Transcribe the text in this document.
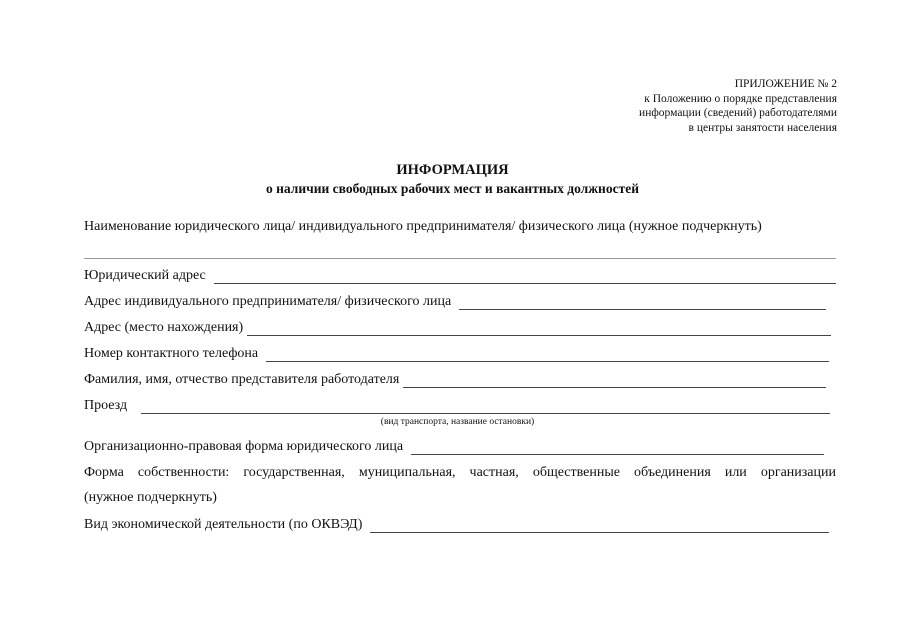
ПРИЛОЖЕНИЕ № 2
к Положению о порядке представления
информации (сведений) работодателями
в центры занятости населения
ИНФОРМАЦИЯ
о наличии свободных рабочих мест и вакантных должностей
Наименование юридического лица/ индивидуального предпринимателя/ физического лица (нужное подчеркнуть)
Юридический адрес
Адрес индивидуального предпринимателя/ физического лица
Адрес (место нахождения)
Номер контактного телефона
Фамилия, имя, отчество представителя работодателя
Проезд
(вид транспорта, название остановки)
Организационно-правовая форма юридического лица
Форма собственности: государственная, муниципальная, частная, общественные объединения или организации
(нужное подчеркнуть)
Вид экономической деятельности (по ОКВЭД)
